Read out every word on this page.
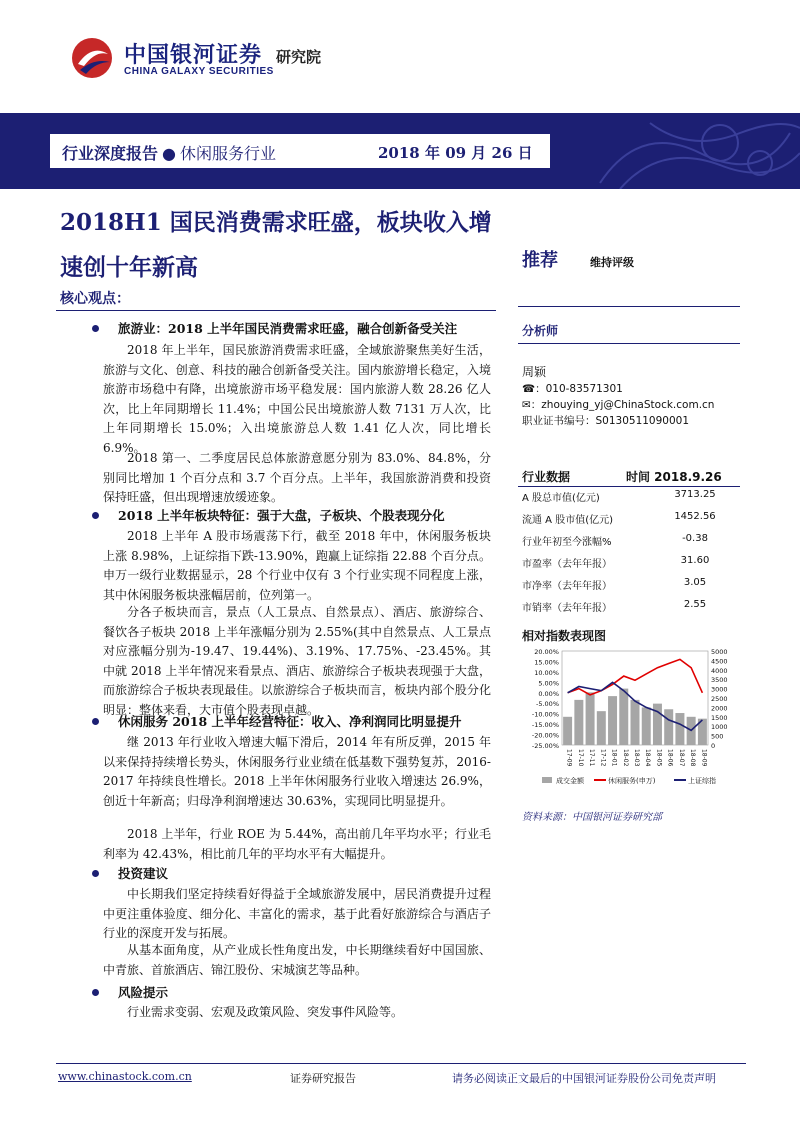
中国银河证券
CHINA GALAXY SECURITIES
研究院
行业深度报告 ● 休闲服务行业	2018 年 09 月 26 日
2018H1 国民消费需求旺盛，板块收入增速创十年新高
核心观点：
旅游业：2018 上半年国民消费需求旺盛，融合创新备受关注
2018 年上半年，国民旅游消费需求旺盛，全域旅游聚焦美好生活，旅游与文化、创意、科技的融合创新备受关注。国内旅游增长稳定，入境旅游市场稳中有降，出境旅游市场平稳发展：国内旅游人数 28.26 亿人次，比上年同期增长 11.4%；中国公民出境旅游人数 7131 万人次，比上年同期增长 15.0%；入出境旅游总人数 1.41 亿人次，同比增长 6.9%。
2018 第一、二季度居民总体旅游意愿分别为 83.0%、84.8%，分别同比增加 1 个百分点和 3.7 个百分点。上半年，我国旅游消费和投资保持旺盛，但出现增速放缓迹象。
2018 上半年板块特征：强于大盘，子板块、个股表现分化
2018 上半年 A 股市场震荡下行，截至 2018 年中，休闲服务板块上涨 8.98%，上证综指下跌-13.90%，跑赢上证综指 22.88 个百分点。申万一级行业数据显示，28 个行业中仅有 3 个行业实现不同程度上涨，其中休闲服务板块涨幅居前，位列第一。
分各子板块而言，景点（人工景点、自然景点）、酒店、旅游综合、餐饮各子板块 2018 上半年涨幅分别为 2.55%(其中自然景点、人工景点对应涨幅分别为-19.47、19.44%)、3.19%、17.75%、-23.45%。其中就 2018 上半年情况来看景点、酒店、旅游综合子板块表现强于大盘，而旅游综合子板块表现最佳。以旅游综合子板块而言，板块内部个股分化明显：整体来看，大市值个股表现卓越。
休闲服务 2018 上半年经营特征：收入、净利润同比明显提升
继 2013 年行业收入增速大幅下滑后，2014 年有所反弹，2015 年以来保持持续增长势头，休闲服务行业业绩在低基数下强势复苏，2016-2017 年持续良性增长。2018 上半年休闲服务行业收入增速达 26.9%，创近十年新高；归母净利润增速达 30.63%，实现同比明显提升。
2018 上半年，行业 ROE 为 5.44%，高出前几年平均水平；行业毛利率为 42.43%，相比前几年的平均水平有大幅提升。
投资建议
中长期我们坚定持续看好得益于全域旅游发展中，居民消费提升过程中更注重体验度、细分化、丰富化的需求，基于此看好旅游综合与酒店子行业的深度开发与拓展。
从基本面角度，从产业成长性角度出发，中长期继续看好中国国旅、中青旅、首旅酒店、锦江股份、宋城演艺等品种。
风险提示
行业需求变弱、宏观及政策风险、突发事件风险等。
推荐	维持评级
分析师
周颖
☎：010-83571301
✉：zhouying_yj@ChinaStock.com.cn
职业证书编号：S0130511090001
行业数据	时间 2018.9.26
A 股总市值(亿元)	3713.25
流通 A 股市值(亿元)	1452.56
行业年初至今涨幅%	-0.38
市盈率（去年年报）	31.60
市净率（去年年报）	3.05
市销率（去年年报）	2.55
相对指数表现图
20.00%
15.00%
10.00%
5.00%
0.00%
-5.00%
-10.00%
-15.00%
-20.00%
-25.00%
5000
4500
4000
3500
3000
2500
2000
1500
1000
500
0
17-09 17-10 17-11 17-12 18-01 18-02 18-03 18-04 18-05 18-06 18-07 18-08 18-09
成交金额	休闲服务(申万)	上证综指
资料来源：中国银河证券研究部
www.chinastock.com.cn	证券研究报告	请务必阅读正文最后的中国银河证券股份公司免责声明
